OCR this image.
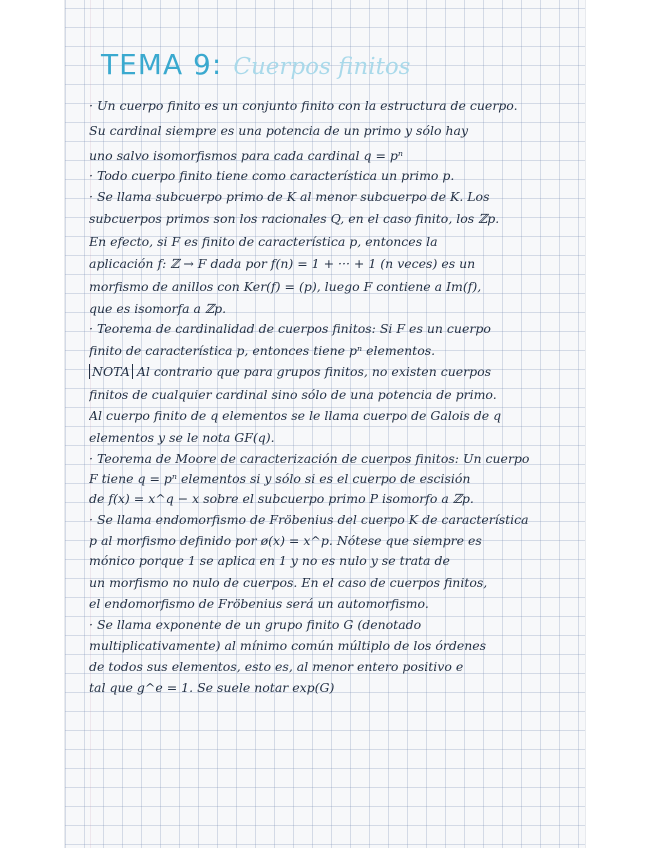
TEMA 9: Cuerpos finitos
· Un cuerpo finito es un conjunto finito con la estructura de cuerpo.
Su cardinal siempre es una potencia de un primo y sólo hay
uno salvo isomorfismos para cada cardinal q = pⁿ
· Todo cuerpo finito tiene como característica un primo p.
· Se llama subcuerpo primo de K al menor subcuerpo de K. Los
subcuerpos primos son los racionales Q, en el caso finito, los ℤp.
En efecto, si F es finito de característica p, entonces la
aplicación f: ℤ → F dada por f(n) = 1 + ··· + 1 (n veces) es un
morfismo de anillos con Ker(f) = (p), luego F contiene a Im(f),
que es isomorfa a ℤp.
· Teorema de cardinalidad de cuerpos finitos: Si F es un cuerpo
finito de característica p, entonces tiene pⁿ elementos.
NOTA Al contrario que para grupos finitos, no existen cuerpos
finitos de cualquier cardinal sino sólo de una potencia de primo.
Al cuerpo finito de q elementos se le llama cuerpo de Galois de q
elementos y se le nota GF(q).
· Teorema de Moore de caracterización de cuerpos finitos: Un cuerpo
F tiene q = pⁿ elementos si y sólo si es el cuerpo de escisión
de f(x) = x^q − x sobre el subcuerpo primo P isomorfo a ℤp.
· Se llama endomorfismo de Fröbenius del cuerpo K de característica
p al morfismo definido por ø(x) = x^p. Nótese que siempre es
mónico porque 1 se aplica en 1 y no es nulo y se trata de
un morfismo no nulo de cuerpos. En el caso de cuerpos finitos,
el endomorfismo de Fröbenius será un automorfismo.
· Se llama exponente de un grupo finito G (denotado
multiplicativamente) al mínimo común múltiplo de los órdenes
de todos sus elementos, esto es, al menor entero positivo e
tal que g^e = 1. Se suele notar exp(G)
